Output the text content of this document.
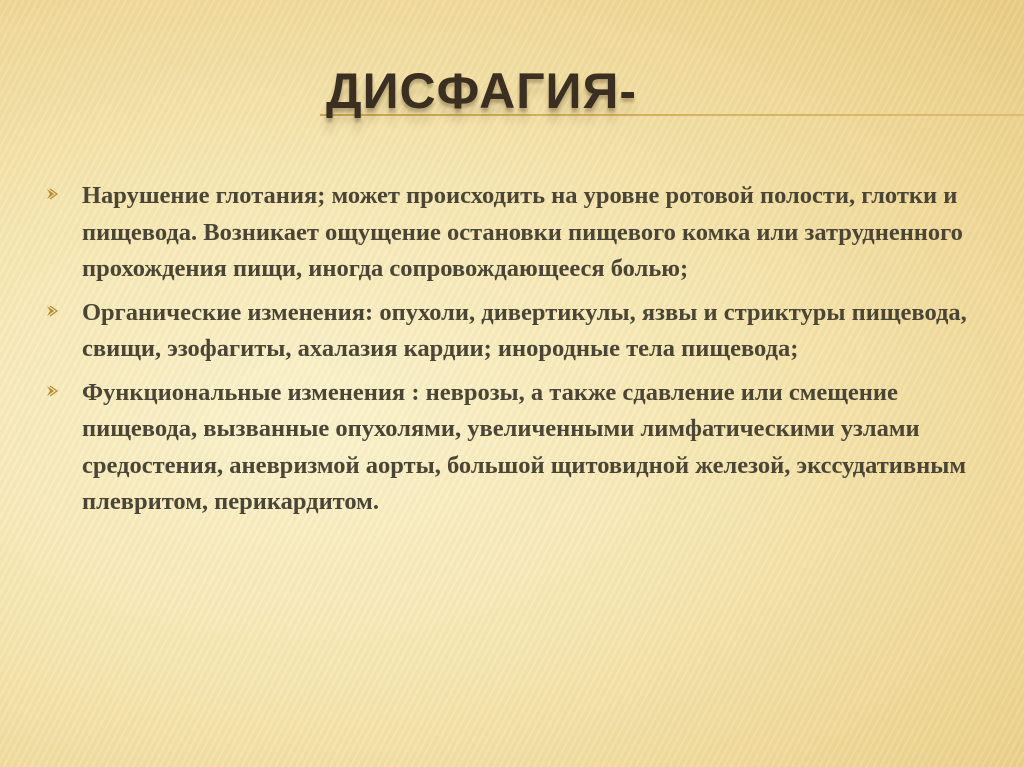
ДИСФАГИЯ-
Нарушение глотания; может происходить на уровне ротовой полости, глотки и пищевода. Возникает ощущение остановки пищевого комка или затрудненного прохождения пищи, иногда сопровождающееся болью;
Органические изменения: опухоли, дивертикулы, язвы и стриктуры пищевода, свищи, эзофагиты, ахалазия кардии; инородные тела пищевода;
Функциональные изменения : неврозы, а также сдавление или смещение пищевода, вызванные опухолями, увеличенными лимфатическими узлами средостения, аневризмой аорты, большой щитовидной железой, экссудативным плевритом, перикардитом.
